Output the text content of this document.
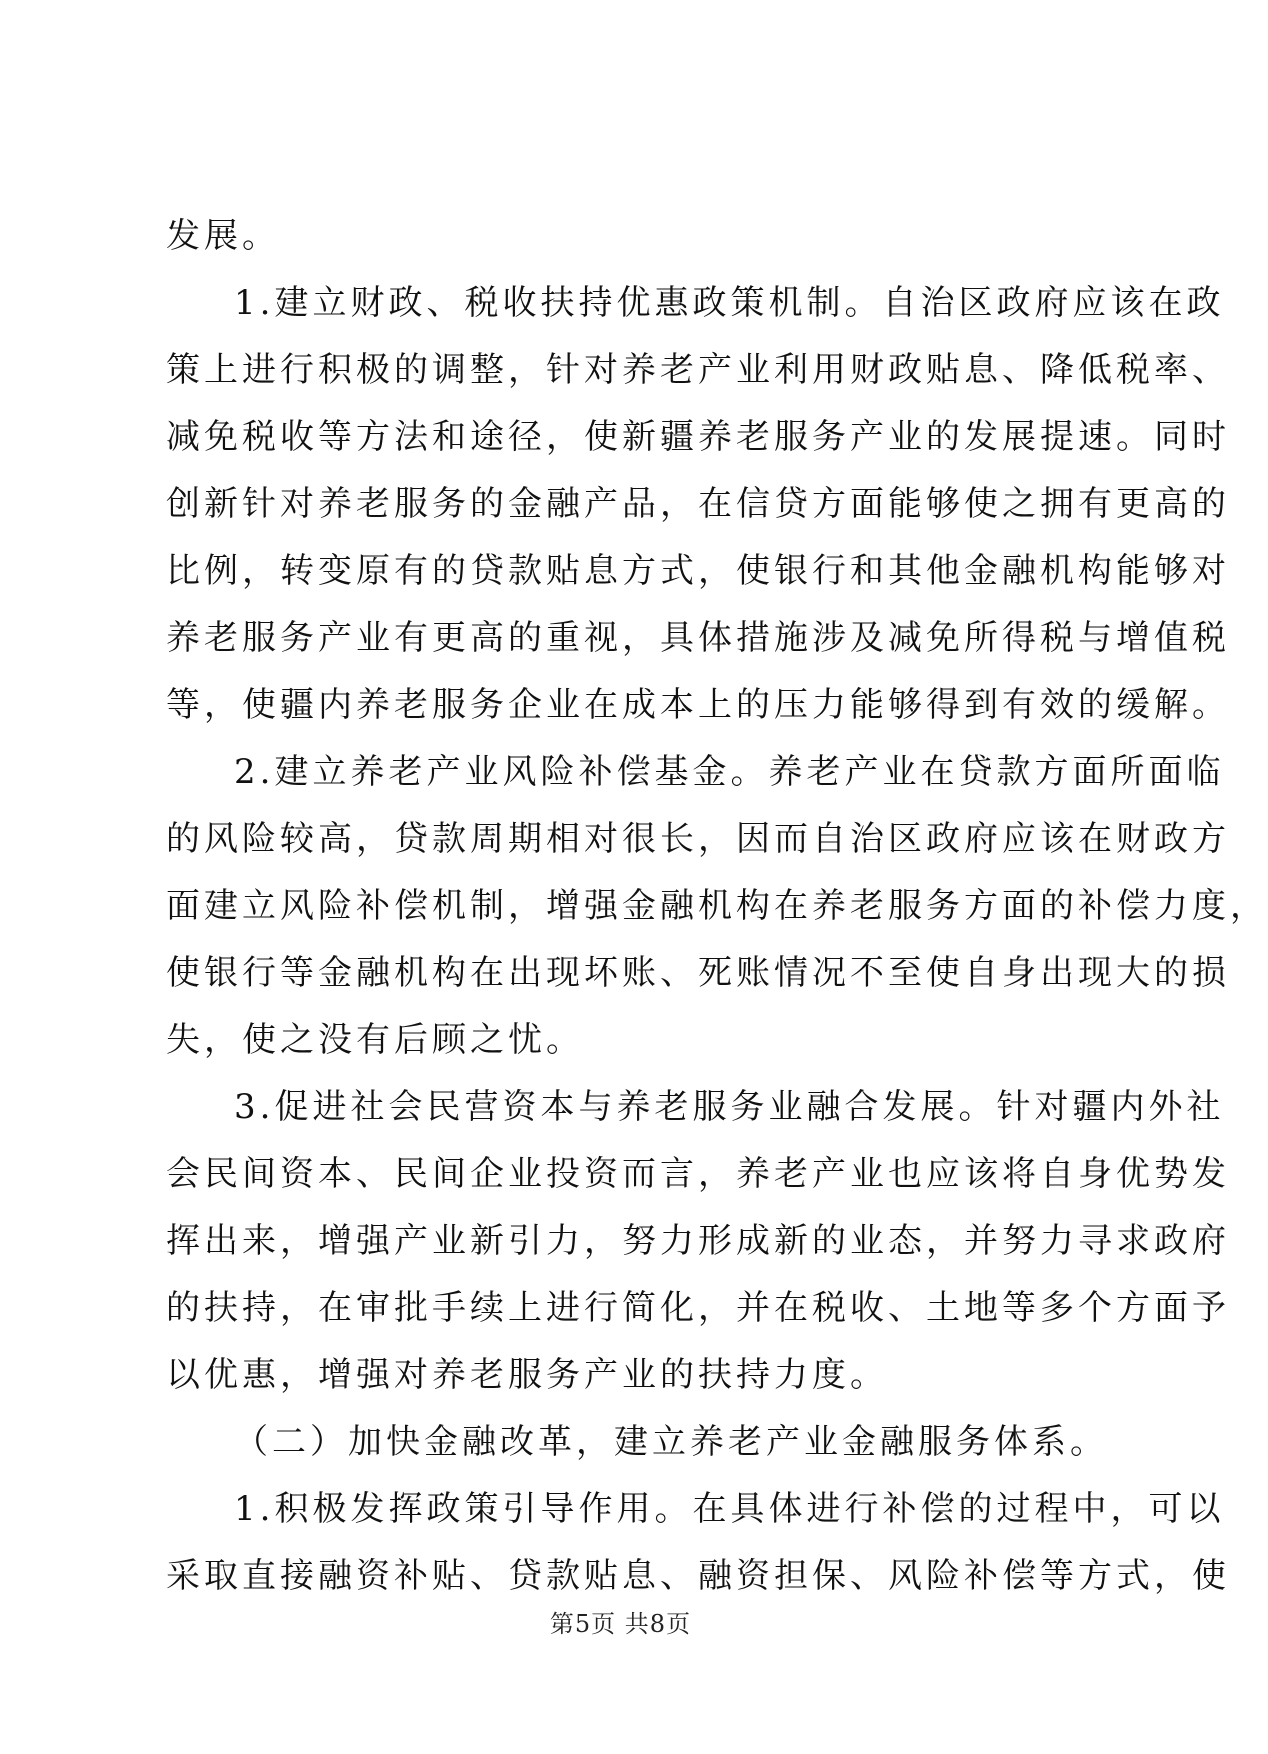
发展。
1.建立财政、税收扶持优惠政策机制。自治区政府应该在政
策上进行积极的调整，针对养老产业利用财政贴息、降低税率、
减免税收等方法和途径，使新疆养老服务产业的发展提速。同时
创新针对养老服务的金融产品，在信贷方面能够使之拥有更高的
比例，转变原有的贷款贴息方式，使银行和其他金融机构能够对
养老服务产业有更高的重视，具体措施涉及减免所得税与增值税
等，使疆内养老服务企业在成本上的压力能够得到有效的缓解。
2.建立养老产业风险补偿基金。养老产业在贷款方面所面临
的风险较高，贷款周期相对很长，因而自治区政府应该在财政方
面建立风险补偿机制，增强金融机构在养老服务方面的补偿力度，
使银行等金融机构在出现坏账、死账情况不至使自身出现大的损
失，使之没有后顾之忧。
3.促进社会民营资本与养老服务业融合发展。针对疆内外社
会民间资本、民间企业投资而言，养老产业也应该将自身优势发
挥出来，增强产业新引力，努力形成新的业态，并努力寻求政府
的扶持，在审批手续上进行简化，并在税收、土地等多个方面予
以优惠，增强对养老服务产业的扶持力度。
（二）加快金融改革，建立养老产业金融服务体系。
1.积极发挥政策引导作用。在具体进行补偿的过程中，可以
采取直接融资补贴、贷款贴息、融资担保、风险补偿等方式，使
第5页 共8页
